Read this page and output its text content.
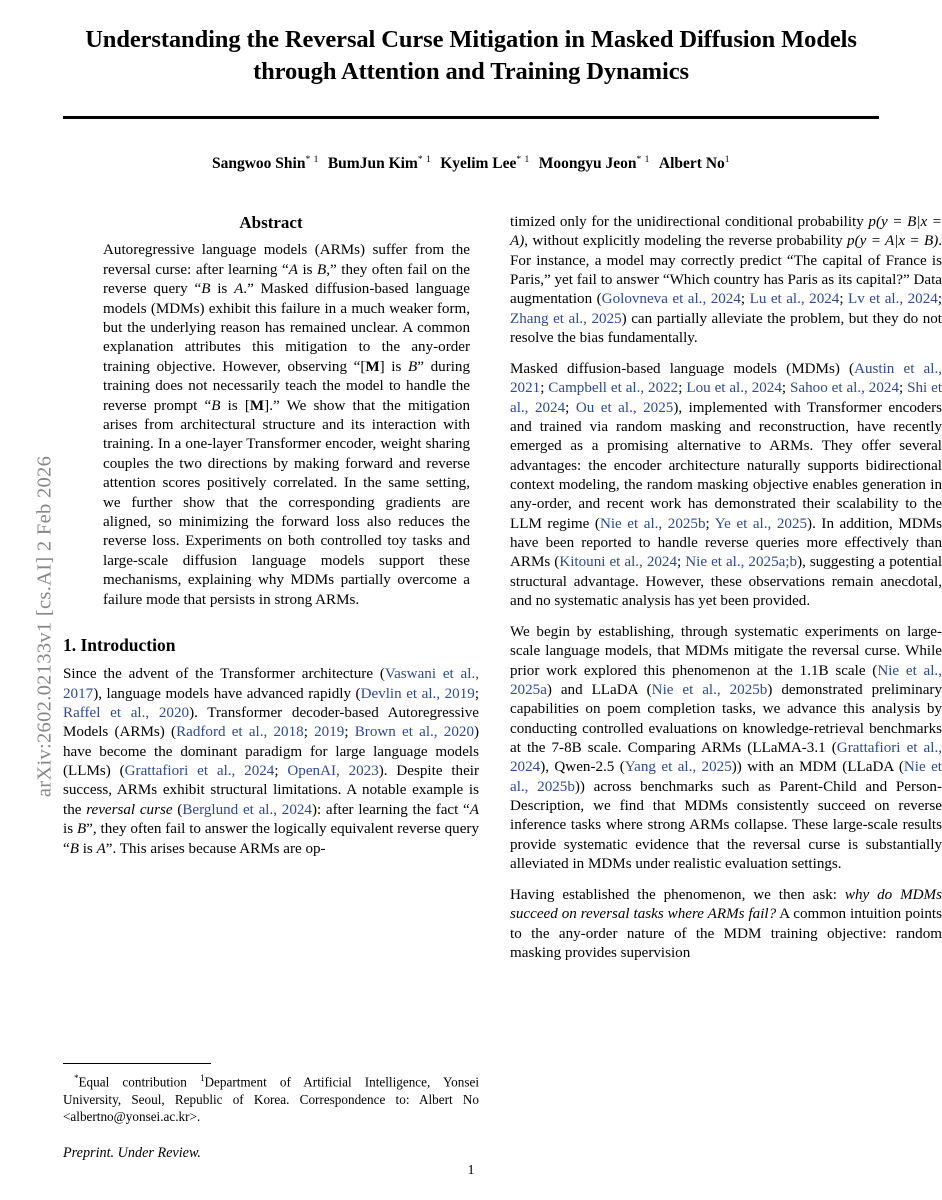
arXiv:2602.02133v1 [cs.AI] 2 Feb 2026
Understanding the Reversal Curse Mitigation in Masked Diffusion Models
through Attention and Training Dynamics
Sangwoo Shin$^{* 1}$ BumJun Kim$^{* 1}$ Kyelim Lee$^{* 1}$ Moongyu Jeon$^{* 1}$ Albert No$^1$
Abstract

Autoregressive language models (ARMs) suffer from the reversal curse: after learning “A is B,” they often fail on the reverse query “B is A.” Masked diffusion-based language models (MDMs) exhibit this failure in a much weaker form, but the underlying reason has remained unclear. A common explanation attributes this mitigation to the any-order training objective. However, observing “[M] is B” during training does not necessarily teach the model to handle the reverse prompt “B is [M].” We show that the mitigation arises from architectural structure and its interaction with training. In a one-layer Transformer encoder, weight sharing couples the two directions by making forward and reverse attention scores positively correlated. In the same setting, we further show that the corresponding gradients are aligned, so minimizing the forward loss also reduces the reverse loss. Experiments on both controlled toy tasks and large-scale diffusion language models support these mechanisms, explaining why MDMs partially overcome a failure mode that persists in strong ARMs.

1. Introduction

Since the advent of the Transformer architecture (Vaswani et al., 2017), language models have advanced rapidly (Devlin et al., 2019; Raffel et al., 2020). Transformer decoder-based Autoregressive Models (ARMs) (Radford et al., 2018; 2019; Brown et al., 2020) have become the dominant paradigm for large language models (LLMs) (Grattafiori et al., 2024; OpenAI, 2023). Despite their success, ARMs exhibit structural limitations. A notable example is the reversal curse (Berglund et al., 2024): after learning the fact “A is B”, they often fail to answer the logically equivalent reverse query “B is A”. This arises because ARMs are op-

timized only for the unidirectional conditional probability p(y = B|x = A), without explicitly modeling the reverse probability p(y = A|x = B). For instance, a model may correctly predict “The capital of France is Paris,” yet fail to answer “Which country has Paris as its capital?” Data augmentation (Golovneva et al., 2024; Lu et al., 2024; Lv et al., 2024; Zhang et al., 2025) can partially alleviate the problem, but they do not resolve the bias fundamentally.

Masked diffusion-based language models (MDMs) (Austin et al., 2021; Campbell et al., 2022; Lou et al., 2024; Sahoo et al., 2024; Shi et al., 2024; Ou et al., 2025), implemented with Transformer encoders and trained via random masking and reconstruction, have recently emerged as a promising alternative to ARMs. They offer several advantages: the encoder architecture naturally supports bidirectional context modeling, the random masking objective enables generation in any-order, and recent work has demonstrated their scalability to the LLM regime (Nie et al., 2025b; Ye et al., 2025). In addition, MDMs have been reported to handle reverse queries more effectively than ARMs (Kitouni et al., 2024; Nie et al., 2025a;b), suggesting a potential structural advantage. However, these observations remain anecdotal, and no systematic analysis has yet been provided.

We begin by establishing, through systematic experiments on large-scale language models, that MDMs mitigate the reversal curse. While prior work explored this phenomenon at the 1.1B scale (Nie et al., 2025a) and LLaDA (Nie et al., 2025b) demonstrated preliminary capabilities on poem completion tasks, we advance this analysis by conducting controlled evaluations on knowledge-retrieval benchmarks at the 7-8B scale. Comparing ARMs (LLaMA-3.1 (Grattafiori et al., 2024), Qwen-2.5 (Yang et al., 2025)) with an MDM (LLaDA (Nie et al., 2025b)) across benchmarks such as Parent-Child and Person-Description, we find that MDMs consistently succeed on reverse inference tasks where strong ARMs collapse. These large-scale results provide systematic evidence that the reversal curse is substantially alleviated in MDMs under realistic evaluation settings.

Having established the phenomenon, we then ask: why do MDMs succeed on reversal tasks where ARMs fail? A common intuition points to the any-order nature of the MDM training objective: random masking provides supervision

*Equal contribution $^1$Department of Artificial Intelligence, Yonsei University, Seoul, Republic of Korea. Correspondence to: Albert No <albertno@yonsei.ac.kr>.

Preprint. Under Review.

1
